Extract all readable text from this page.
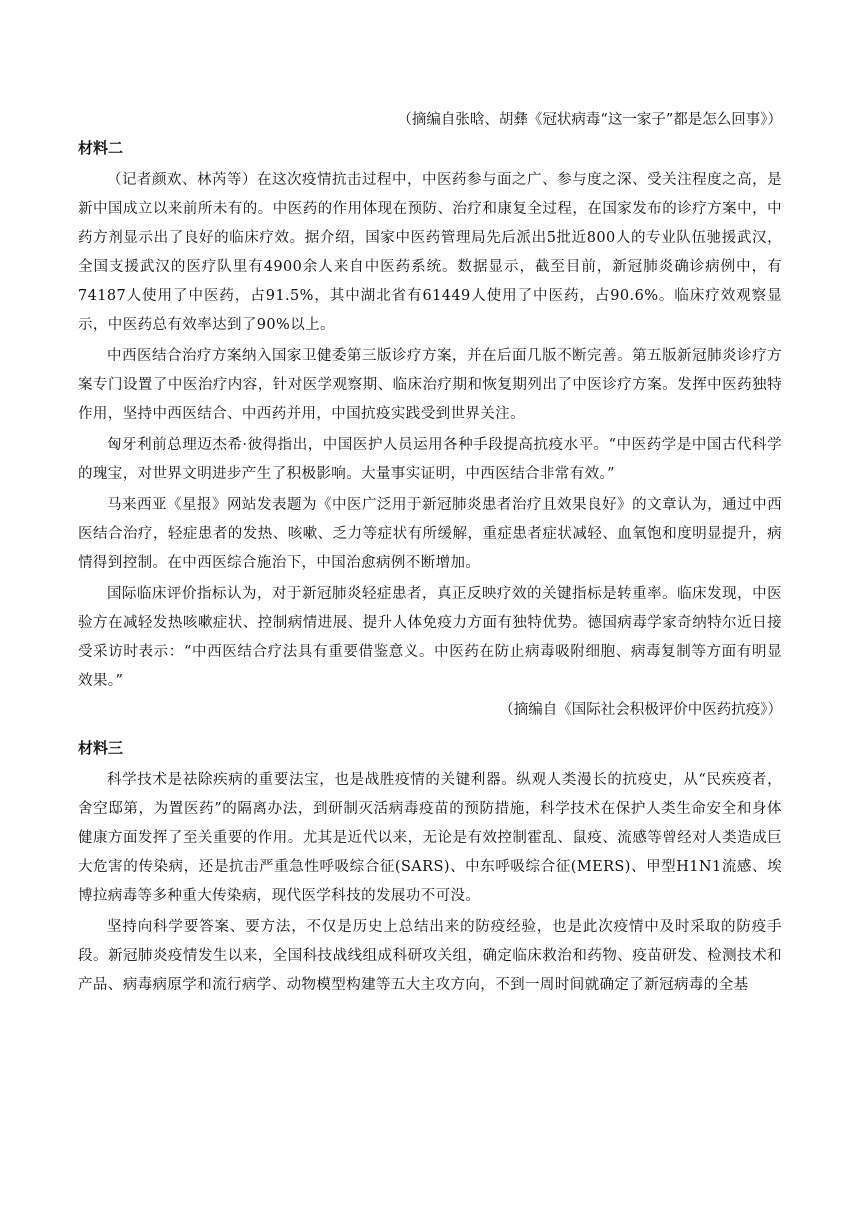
（摘编自张晗、胡彝《冠状病毒“这一家子”都是怎么回事》）

材料二

（记者颜欢、林芮等）在这次疫情抗击过程中，中医药参与面之广、参与度之深、受关注程度之高，是新中国成立以来前所未有的。中医药的作用体现在预防、治疗和康复全过程，在国家发布的诊疗方案中，中药方剂显示出了良好的临床疗效。据介绍，国家中医药管理局先后派出5批近800人的专业队伍驰援武汉，全国支援武汉的医疗队里有4900余人来自中医药系统。数据显示，截至目前，新冠肺炎确诊病例中，有74187人使用了中医药，占91.5%，其中湖北省有61449人使用了中医药，占90.6%。临床疗效观察显示，中医药总有效率达到了90%以上。

中西医结合治疗方案纳入国家卫健委第三版诊疗方案，并在后面几版不断完善。第五版新冠肺炎诊疗方案专门设置了中医治疗内容，针对医学观察期、临床治疗期和恢复期列出了中医诊疗方案。发挥中医药独特作用，坚持中西医结合、中西药并用，中国抗疫实践受到世界关注。

匈牙利前总理迈杰希·彼得指出，中国医护人员运用各种手段提高抗疫水平。“中医药学是中国古代科学的瑰宝，对世界文明进步产生了积极影响。大量事实证明，中西医结合非常有效。”

马来西亚《星报》网站发表题为《中医广泛用于新冠肺炎患者治疗且效果良好》的文章认为，通过中西医结合治疗，轻症患者的发热、咳嗽、乏力等症状有所缓解，重症患者症状减轻、血氧饱和度明显提升，病情得到控制。在中西医综合施治下，中国治愈病例不断增加。

国际临床评价指标认为，对于新冠肺炎轻症患者，真正反映疗效的关键指标是转重率。临床发现，中医验方在减轻发热咳嗽症状、控制病情进展、提升人体免疫力方面有独特优势。德国病毒学家奇纳特尔近日接受采访时表示：“中西医结合疗法具有重要借鉴意义。中医药在防止病毒吸附细胞、病毒复制等方面有明显效果。”

（摘编自《国际社会积极评价中医药抗疫》）

材料三

科学技术是祛除疾病的重要法宝，也是战胜疫情的关键利器。纵观人类漫长的抗疫史，从“民疾疫者，舍空邸第，为置医药”的隔离办法，到研制灭活病毒疫苗的预防措施，科学技术在保护人类生命安全和身体健康方面发挥了至关重要的作用。尤其是近代以来，无论是有效控制霍乱、鼠疫、流感等曾经对人类造成巨大危害的传染病，还是抗击严重急性呼吸综合征(SARS)、中东呼吸综合征(MERS)、甲型H1N1流感、埃博拉病毒等多种重大传染病，现代医学科技的发展功不可没。

坚持向科学要答案、要方法，不仅是历史上总结出来的防疫经验，也是此次疫情中及时采取的防疫手段。新冠肺炎疫情发生以来，全国科技战线组成科研攻关组，确定临床救治和药物、疫苗研发、检测技术和产品、病毒病原学和流行病学、动物模型构建等五大主攻方向，不到一周时间就确定了新冠病毒的全基
